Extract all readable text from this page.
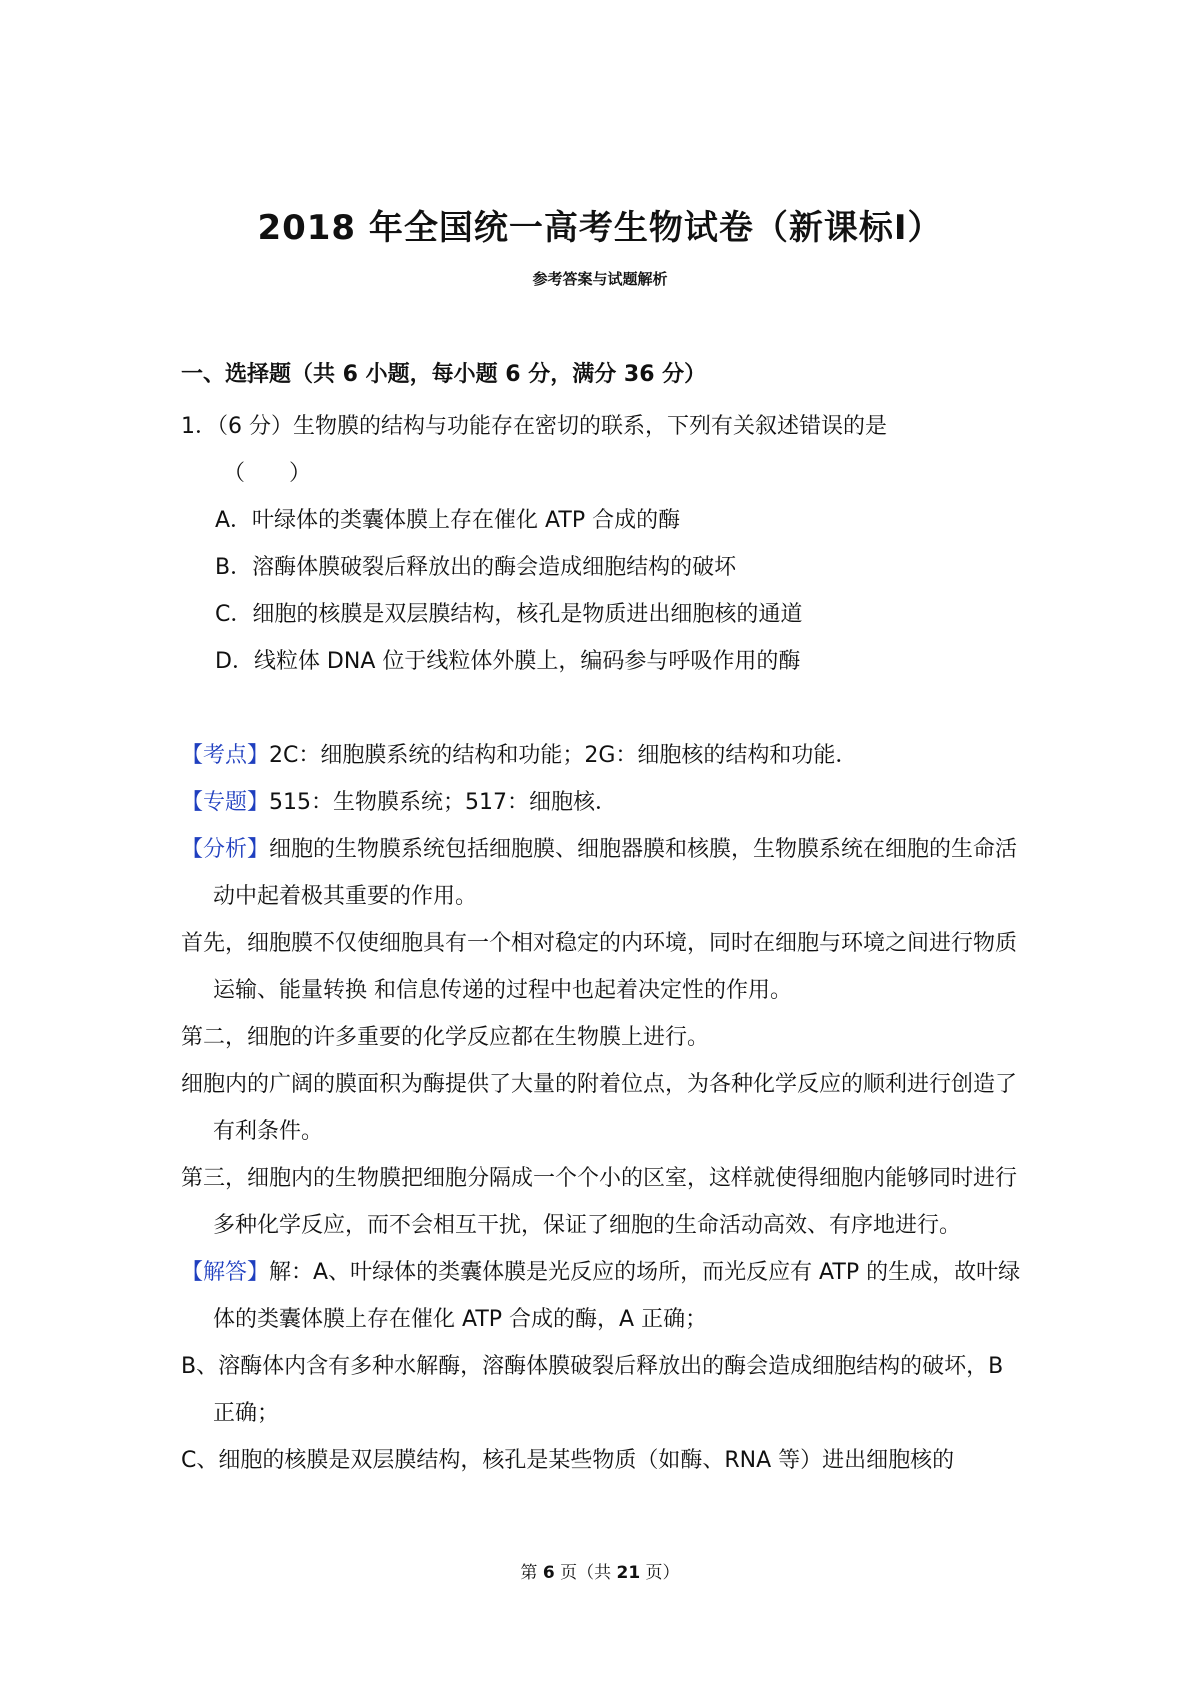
2018 年全国统一高考生物试卷（新课标Ⅰ）
参考答案与试题解析
一、选择题（共 6 小题，每小题 6 分，满分 36 分）
1．（6 分）生物膜的结构与功能存在密切的联系，下列有关叙述错误的是
（　　）
A．叶绿体的类囊体膜上存在催化 ATP 合成的酶
B．溶酶体膜破裂后释放出的酶会造成细胞结构的破坏
C．细胞的核膜是双层膜结构，核孔是物质进出细胞核的通道
D．线粒体 DNA 位于线粒体外膜上，编码参与呼吸作用的酶
【考点】2C：细胞膜系统的结构和功能；2G：细胞核的结构和功能．
【专题】515：生物膜系统；517：细胞核．
【分析】细胞的生物膜系统包括细胞膜、细胞器膜和核膜，生物膜系统在细胞的生命活动中起着极其重要的作用。
首先，细胞膜不仅使细胞具有一个相对稳定的内环境，同时在细胞与环境之间进行物质运输、能量转换 和信息传递的过程中也起着决定性的作用。
第二，细胞的许多重要的化学反应都在生物膜上进行。
细胞内的广阔的膜面积为酶提供了大量的附着位点，为各种化学反应的顺利进行创造了有利条件。
第三，细胞内的生物膜把细胞分隔成一个个小的区室，这样就使得细胞内能够同时进行多种化学反应，而不会相互干扰，保证了细胞的生命活动高效、有序地进行。
【解答】解：A、叶绿体的类囊体膜是光反应的场所，而光反应有 ATP 的生成，故叶绿体的类囊体膜上存在催化 ATP 合成的酶，A 正确；
B、溶酶体内含有多种水解酶，溶酶体膜破裂后释放出的酶会造成细胞结构的破坏，B 正确；
C、细胞的核膜是双层膜结构，核孔是某些物质（如酶、RNA 等）进出细胞核的
第 6 页（共 21 页）
